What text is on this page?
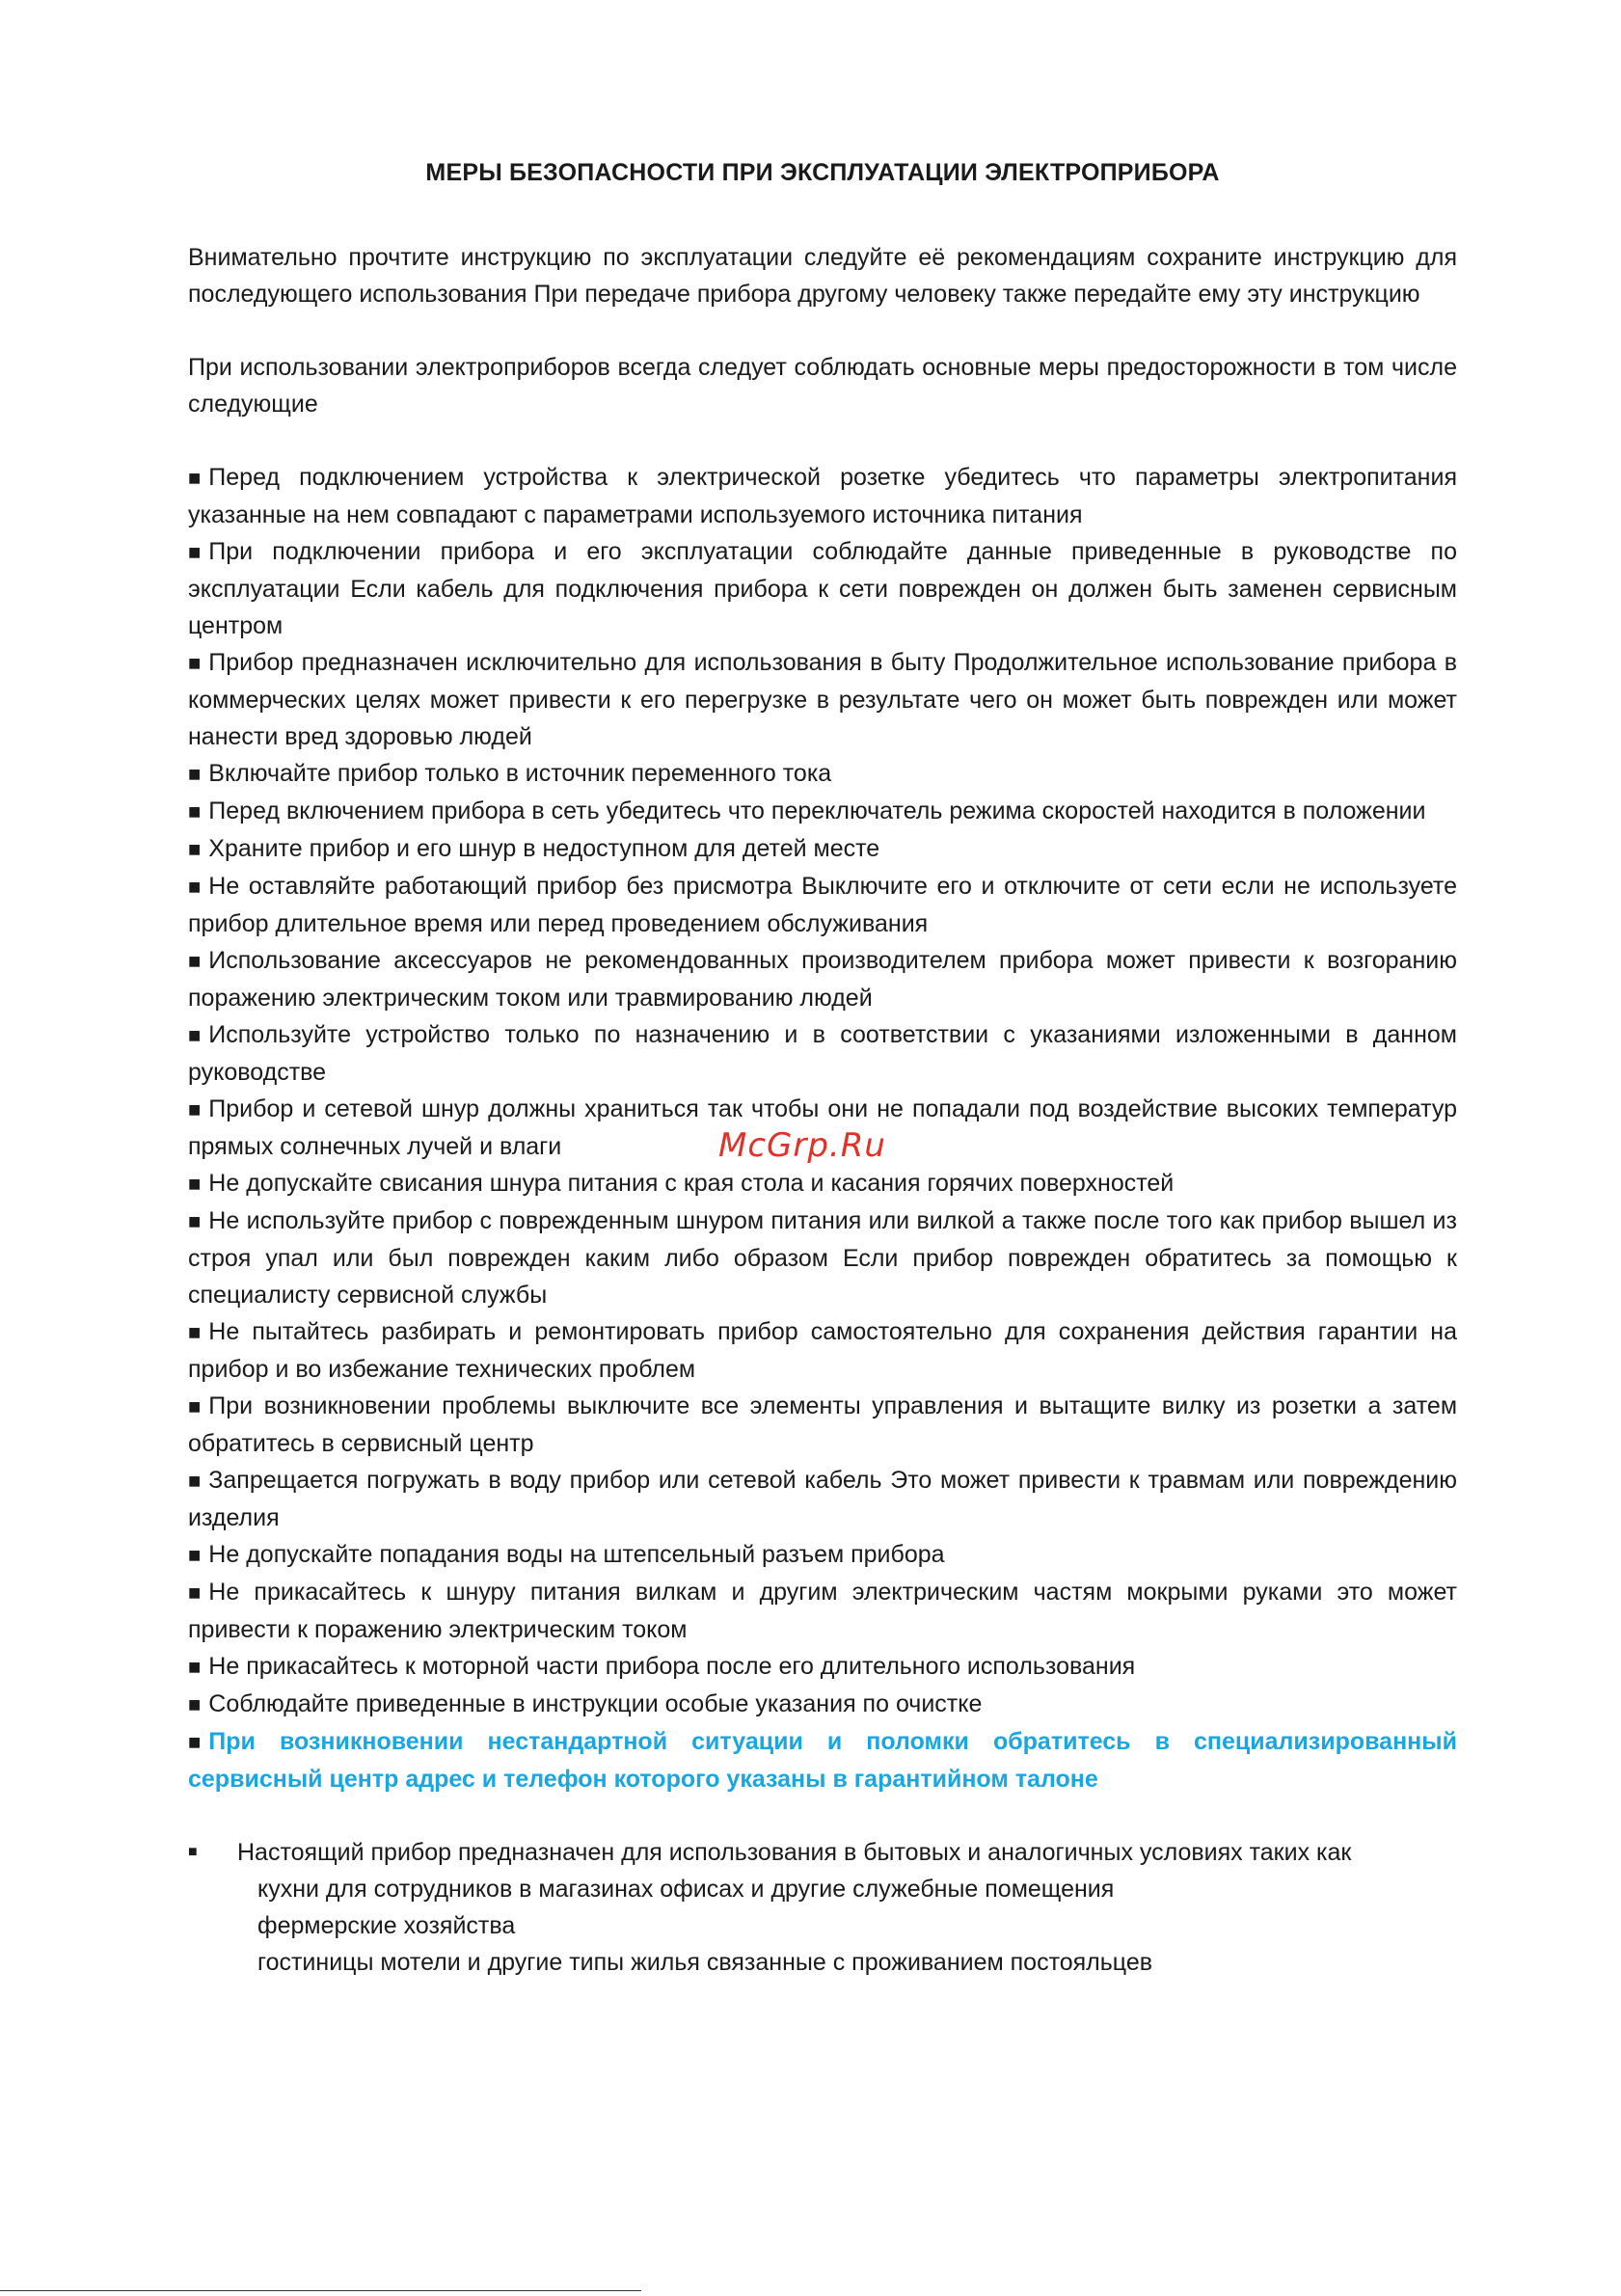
МЕРЫ БЕЗОПАСНОСТИ ПРИ ЭКСПЛУАТАЦИИ ЭЛЕКТРОПРИБОРА

Внимательно прочтите инструкцию по эксплуатации следуйте её рекомендациям сохраните инструкцию для последующего использования При передаче прибора другому человеку также передайте ему эту инструкцию

При использовании электроприборов всегда следует соблюдать основные меры предосторожности в том числе следующие

■ Перед подключением устройства к электрической розетке убедитесь что параметры электропитания указанные на нем совпадают с параметрами используемого источника питания
■ При подключении прибора и его эксплуатации соблюдайте данные приведенные в руководстве по эксплуатации Если кабель для подключения прибора к сети поврежден он должен быть заменен сервисным центром
■ Прибор предназначен исключительно для использования в быту Продолжительное использование прибора в коммерческих целях может привести к его перегрузке в результате чего он может быть поврежден или может нанести вред здоровью людей
■ Включайте прибор только в источник переменного тока
■ Перед включением прибора в сеть убедитесь что переключатель режима скоростей находится в положении
■ Храните прибор и его шнур в недоступном для детей месте
■ Не оставляйте работающий прибор без присмотра Выключите его и отключите от сети если не используете прибор длительное время или перед проведением обслуживания
■ Использование аксессуаров не рекомендованных производителем прибора может привести к возгоранию поражению электрическим током или травмированию людей
■ Используйте устройство только по назначению и в соответствии с указаниями изложенными в данном руководстве
■ Прибор и сетевой шнур должны храниться так чтобы они не попадали под воздействие высоких температур прямых солнечных лучей и влаги
■ Не допускайте свисания шнура питания с края стола и касания горячих поверхностей
■ Не используйте прибор с поврежденным шнуром питания или вилкой а также после того как прибор вышел из строя упал или был поврежден каким либо образом Если прибор поврежден обратитесь за помощью к специалисту сервисной службы
■ Не пытайтесь разбирать и ремонтировать прибор самостоятельно для сохранения действия гарантии на прибор и во избежание технических проблем
■ При возникновении проблемы выключите все элементы управления и вытащите вилку из розетки а затем обратитесь в сервисный центр
■ Запрещается погружать в воду прибор или сетевой кабель Это может привести к травмам или повреждению изделия
■ Не допускайте попадания воды на штепсельный разъем прибора
■ Не прикасайтесь к шнуру питания вилкам и другим электрическим частям мокрыми руками это может привести к поражению электрическим током
■ Не прикасайтесь к моторной части прибора после его длительного использования
■ Соблюдайте приведенные в инструкции особые указания по очистке
■ При возникновении нестандартной ситуации и поломки обратитесь в специализированный сервисный центр адрес и телефон которого указаны в гарантийном талоне
■ Настоящий прибор предназначен для использования в бытовых и аналогичных условиях таких как
кухни для сотрудников в магазинах офисах и другие служебные помещения
фермерские хозяйства
гостиницы мотели и другие типы жилья связанные с проживанием постояльцев
McGrp.Ru
